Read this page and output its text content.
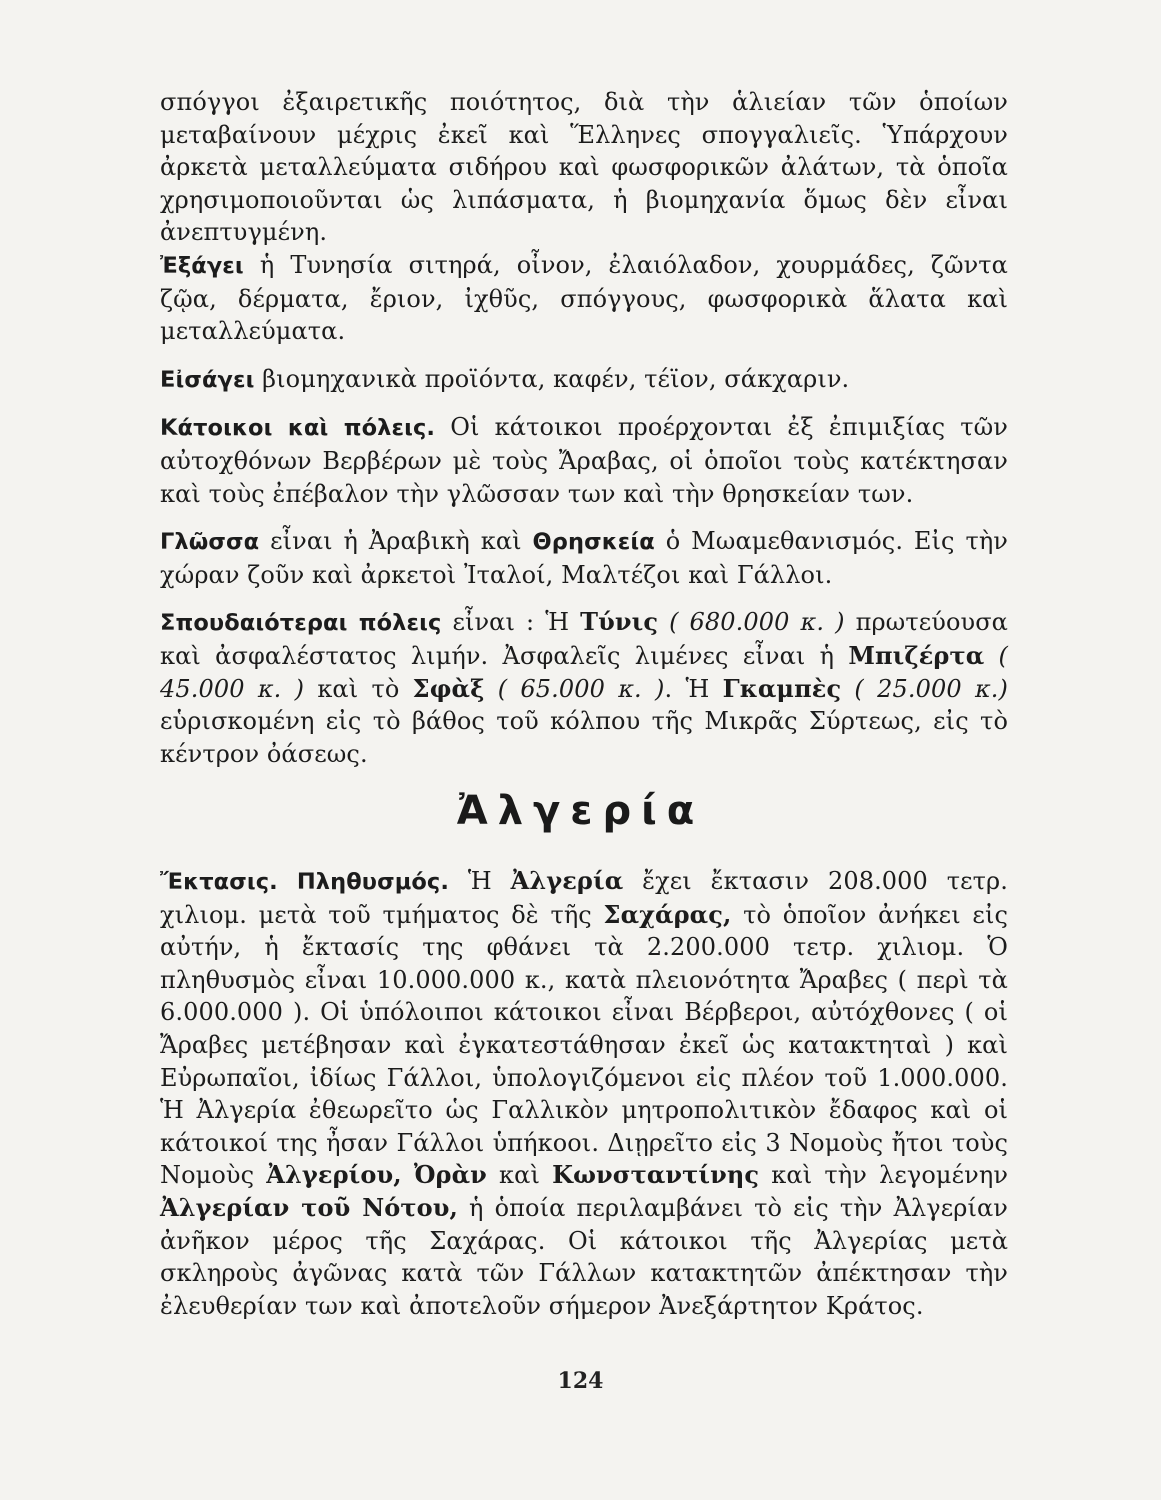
σπόγγοι ἐξαιρετικῆς ποιότητος, διὰ τὴν ἁλιείαν τῶν ὁποίων μεταβαίνουν μέχρις ἐκεῖ καὶ Ἕλληνες σπογγαλιεῖς. Ὑπάρχουν ἀρκετὰ μεταλλεύματα σιδήρου καὶ φωσφορικῶν ἀλάτων, τὰ ὁποῖα χρησιμοποιοῦνται ὡς λιπάσματα, ἡ βιομηχανία ὅμως δὲν εἶναι ἀνεπτυγμένη.

Ἐξάγει ἡ Τυνησία σιτηρά, οἶνον, ἐλαιόλαδον, χουρμάδες, ζῶντα ζῷα, δέρματα, ἔριον, ἰχθῦς, σπόγγους, φωσφορικὰ ἅλατα καὶ μεταλλεύματα.

Εἰσάγει βιομηχανικὰ προϊόντα, καφέν, τέϊον, σάκχαριν.

Κάτοικοι καὶ πόλεις. Οἱ κάτοικοι προέρχονται ἐξ ἐπιμιξίας τῶν αὐτοχθόνων Βερβέρων μὲ τοὺς Ἄραβας, οἱ ὁποῖοι τοὺς κατέκτησαν καὶ τοὺς ἐπέβαλον τὴν γλῶσσαν των καὶ τὴν θρησκείαν των.

Γλῶσσα εἶναι ἡ Ἀραβικὴ καὶ Θρησκεία ὁ Μωαμεθανισμός. Εἰς τὴν χώραν ζοῦν καὶ ἀρκετοὶ Ἰταλοί, Μαλτέζοι καὶ Γάλλοι.

Σπουδαιότεραι πόλεις εἶναι : Ἡ Τύνις ( 680.000 κ. ) πρωτεύουσα καὶ ἀσφαλέστατος λιμήν. Ἀσφαλεῖς λιμένες εἶναι ἡ Μπιζέρτα ( 45.000 κ. ) καὶ τὸ Σφὰξ ( 65.000 κ. ). Ἡ Γκαμπὲς ( 25.000 κ.) εὑρισκομένη εἰς τὸ βάθος τοῦ κόλπου τῆς Μικρᾶς Σύρτεως, εἰς τὸ κέντρον ὀάσεως.

Ἀλγερία

Ἔκτασις. Πληθυσμός. Ἡ Ἀλγερία ἔχει ἔκτασιν 208.000 τετρ. χιλιομ. μετὰ τοῦ τμήματος δὲ τῆς Σαχάρας, τὸ ὁποῖον ἀνήκει εἰς αὐτήν, ἡ ἔκτασίς της φθάνει τὰ 2.200.000 τετρ. χιλιομ. Ὁ πληθυσμὸς εἶναι 10.000.000 κ., κατὰ πλειονότητα Ἄραβες ( περὶ τὰ 6.000.000 ). Οἱ ὑπόλοιποι κάτοικοι εἶναι Βέρβεροι, αὐτόχθονες ( οἱ Ἄραβες μετέβησαν καὶ ἐγκατεστάθησαν ἐκεῖ ὡς κατακτηταὶ ) καὶ Εὐρωπαῖοι, ἰδίως Γάλλοι, ὑπολογιζόμενοι εἰς πλέον τοῦ 1.000.000. Ἡ Ἀλγερία ἐθεωρεῖτο ὡς Γαλλικὸν μητροπολιτικὸν ἔδαφος καὶ οἱ κάτοικοί της ἦσαν Γάλλοι ὑπήκοοι. Διῃρεῖτο εἰς 3 Νομοὺς ἤτοι τοὺς Νομοὺς Ἀλγερίου, Ὀρὰν καὶ Κωνσταντίνης καὶ τὴν λεγομένην Ἀλγερίαν τοῦ Νότου, ἡ ὁποία περιλαμβάνει τὸ εἰς τὴν Ἀλγερίαν ἀνῆκον μέρος τῆς Σαχάρας. Οἱ κάτοικοι τῆς Ἀλγερίας μετὰ σκληροὺς ἀγῶνας κατὰ τῶν Γάλλων κατακτητῶν ἀπέκτησαν τὴν ἐλευθερίαν των καὶ ἀποτελοῦν σήμερον Ἀνεξάρτητον Κράτος.

124
